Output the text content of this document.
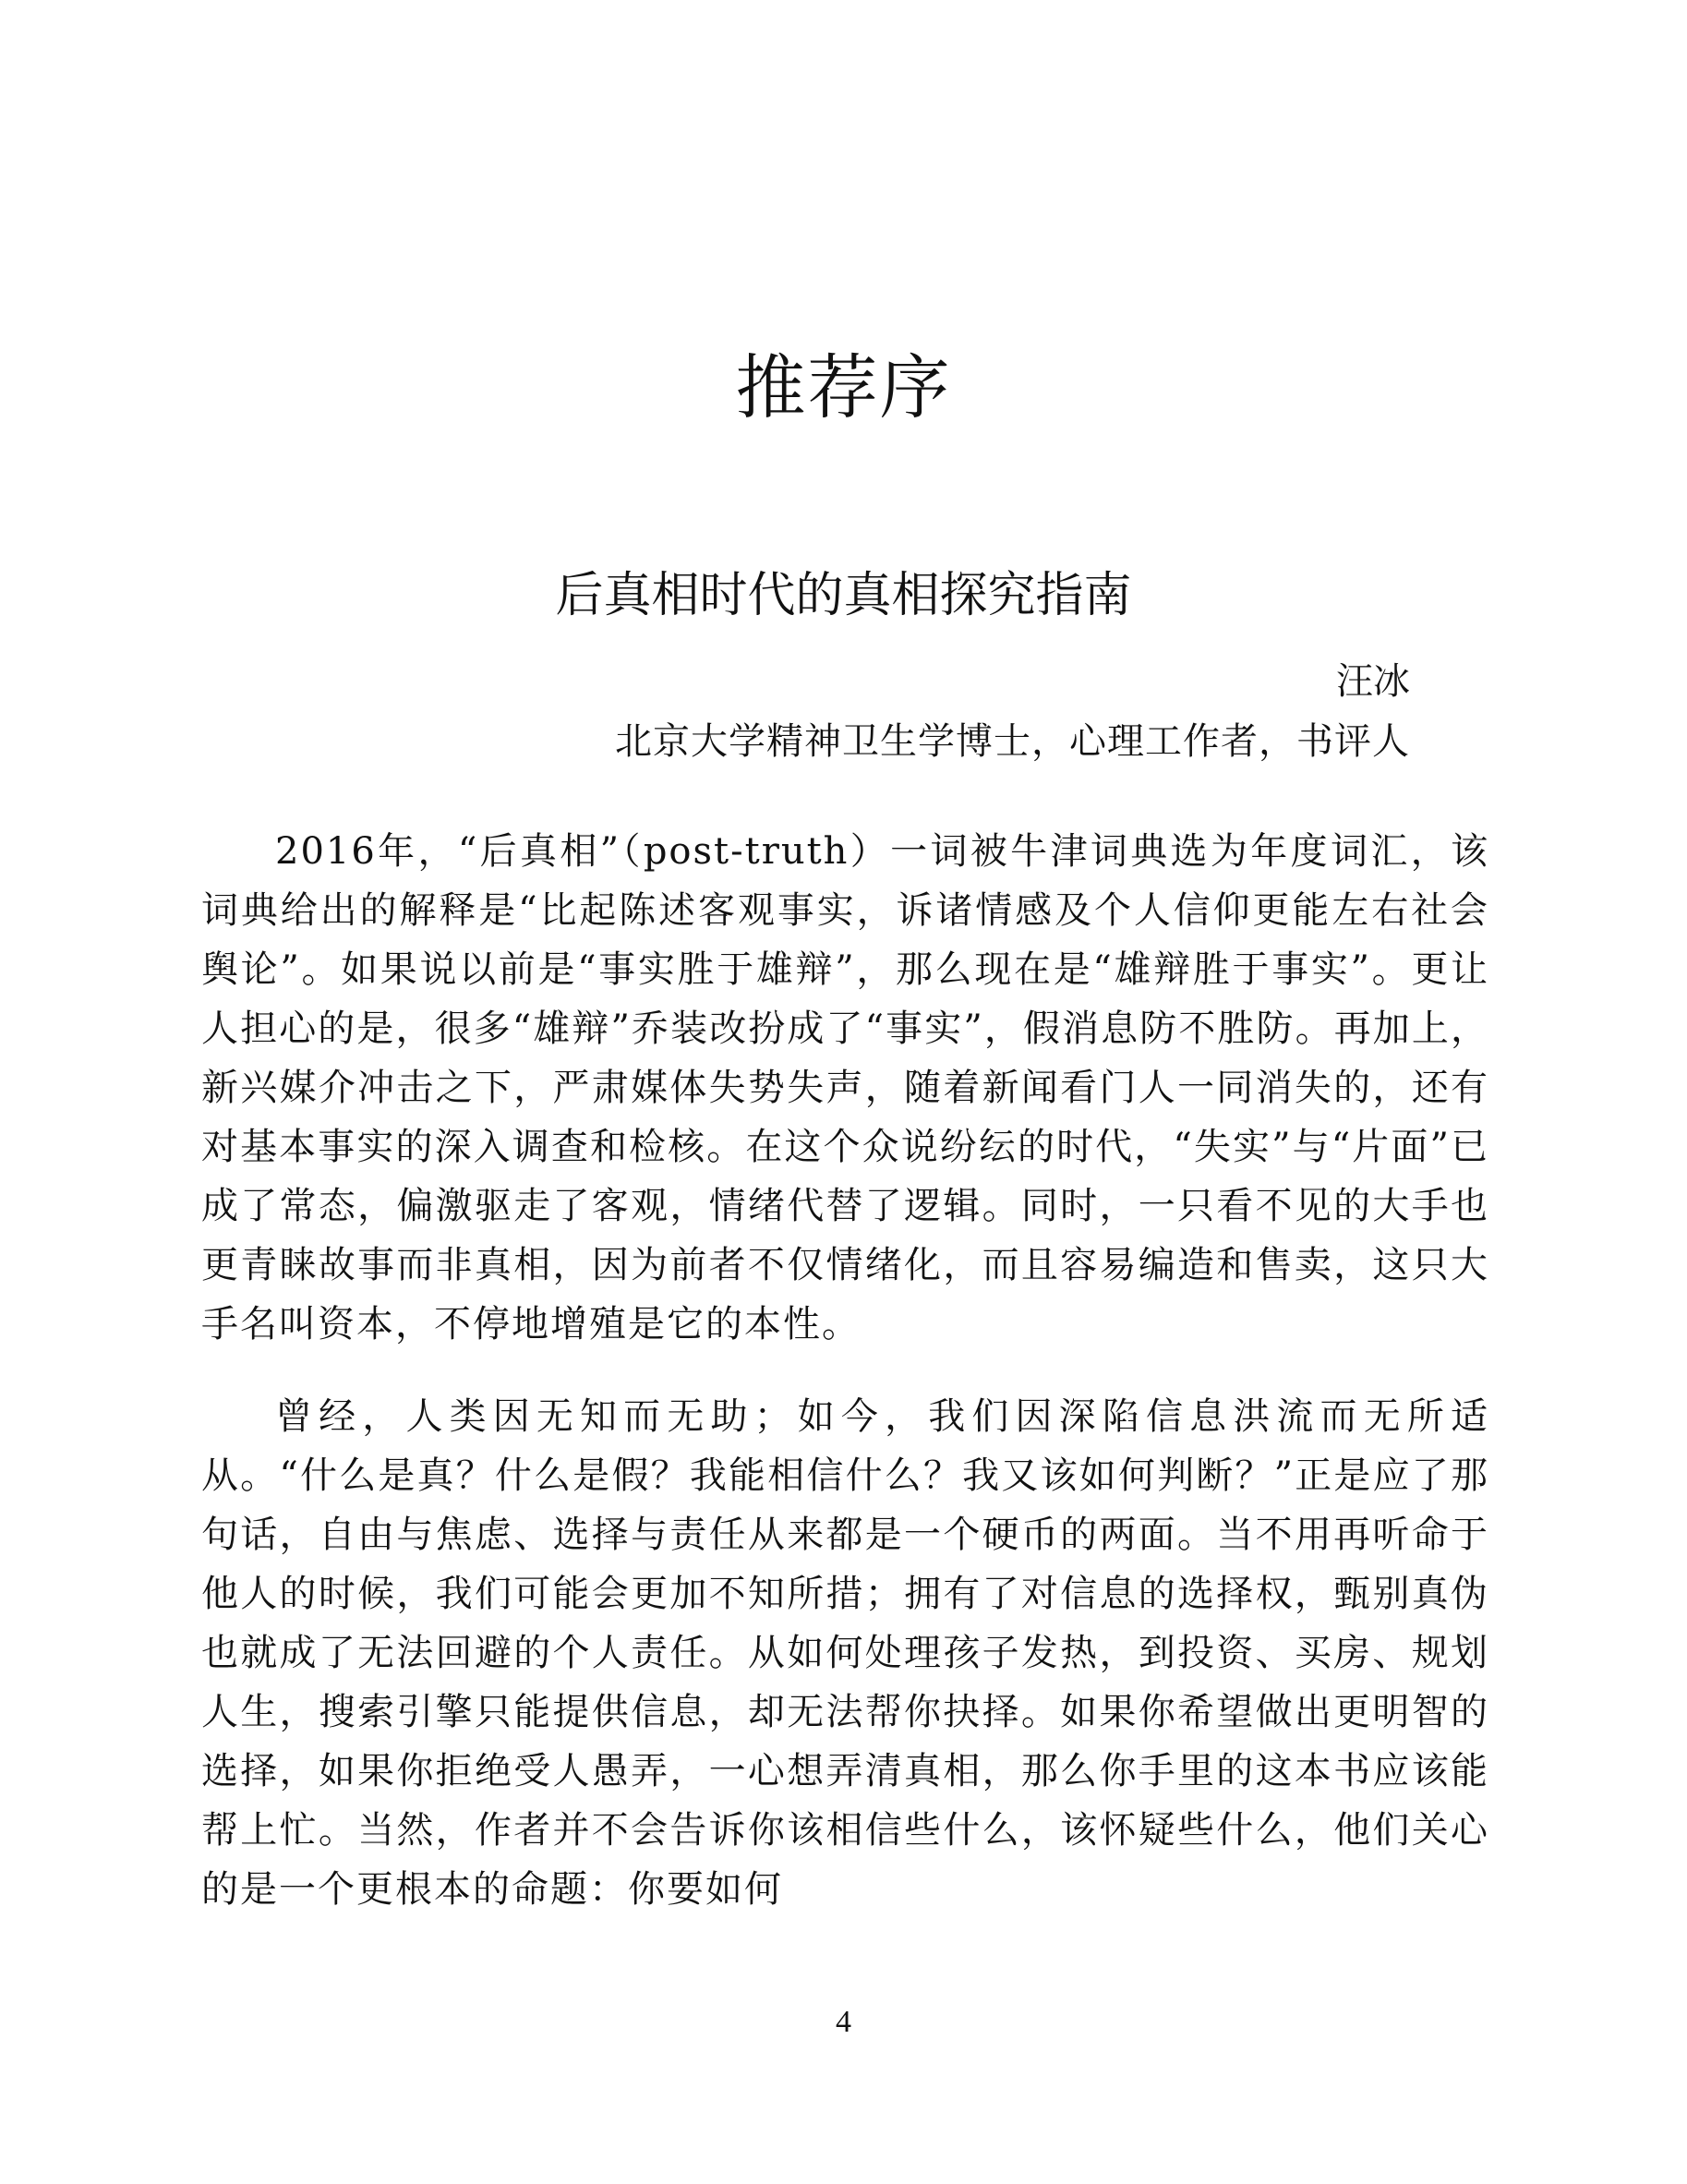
推荐序
后真相时代的真相探究指南
汪冰
北京大学精神卫生学博士，心理工作者，书评人

2016年，“后真相”（post-truth）一词被牛津词典选为年度词汇，该词典给出的解释是“比起陈述客观事实，诉诸情感及个人信仰更能左右社会舆论”。如果说以前是“事实胜于雄辩”，那么现在是“雄辩胜于事实”。更让人担心的是，很多“雄辩”乔装改扮成了“事实”，假消息防不胜防。再加上，新兴媒介冲击之下，严肃媒体失势失声，随着新闻看门人一同消失的，还有对基本事实的深入调查和检核。在这个众说纷纭的时代，“失实”与“片面”已成了常态，偏激驱走了客观，情绪代替了逻辑。同时，一只看不见的大手也更青睐故事而非真相，因为前者不仅情绪化，而且容易编造和售卖，这只大手名叫资本，不停地增殖是它的本性。

曾经，人类因无知而无助；如今，我们因深陷信息洪流而无所适从。“什么是真？什么是假？我能相信什么？我又该如何判断？”正是应了那句话，自由与焦虑、选择与责任从来都是一个硬币的两面。当不用再听命于他人的时候，我们可能会更加不知所措；拥有了对信息的选择权，甄别真伪也就成了无法回避的个人责任。从如何处理孩子发热，到投资、买房、规划人生，搜索引擎只能提供信息，却无法帮你抉择。如果你希望做出更明智的选择，如果你拒绝受人愚弄，一心想弄清真相，那么你手里的这本书应该能帮上忙。当然，作者并不会告诉你该相信些什么，该怀疑些什么，他们关心的是一个更根本的命题：你要如何

4
